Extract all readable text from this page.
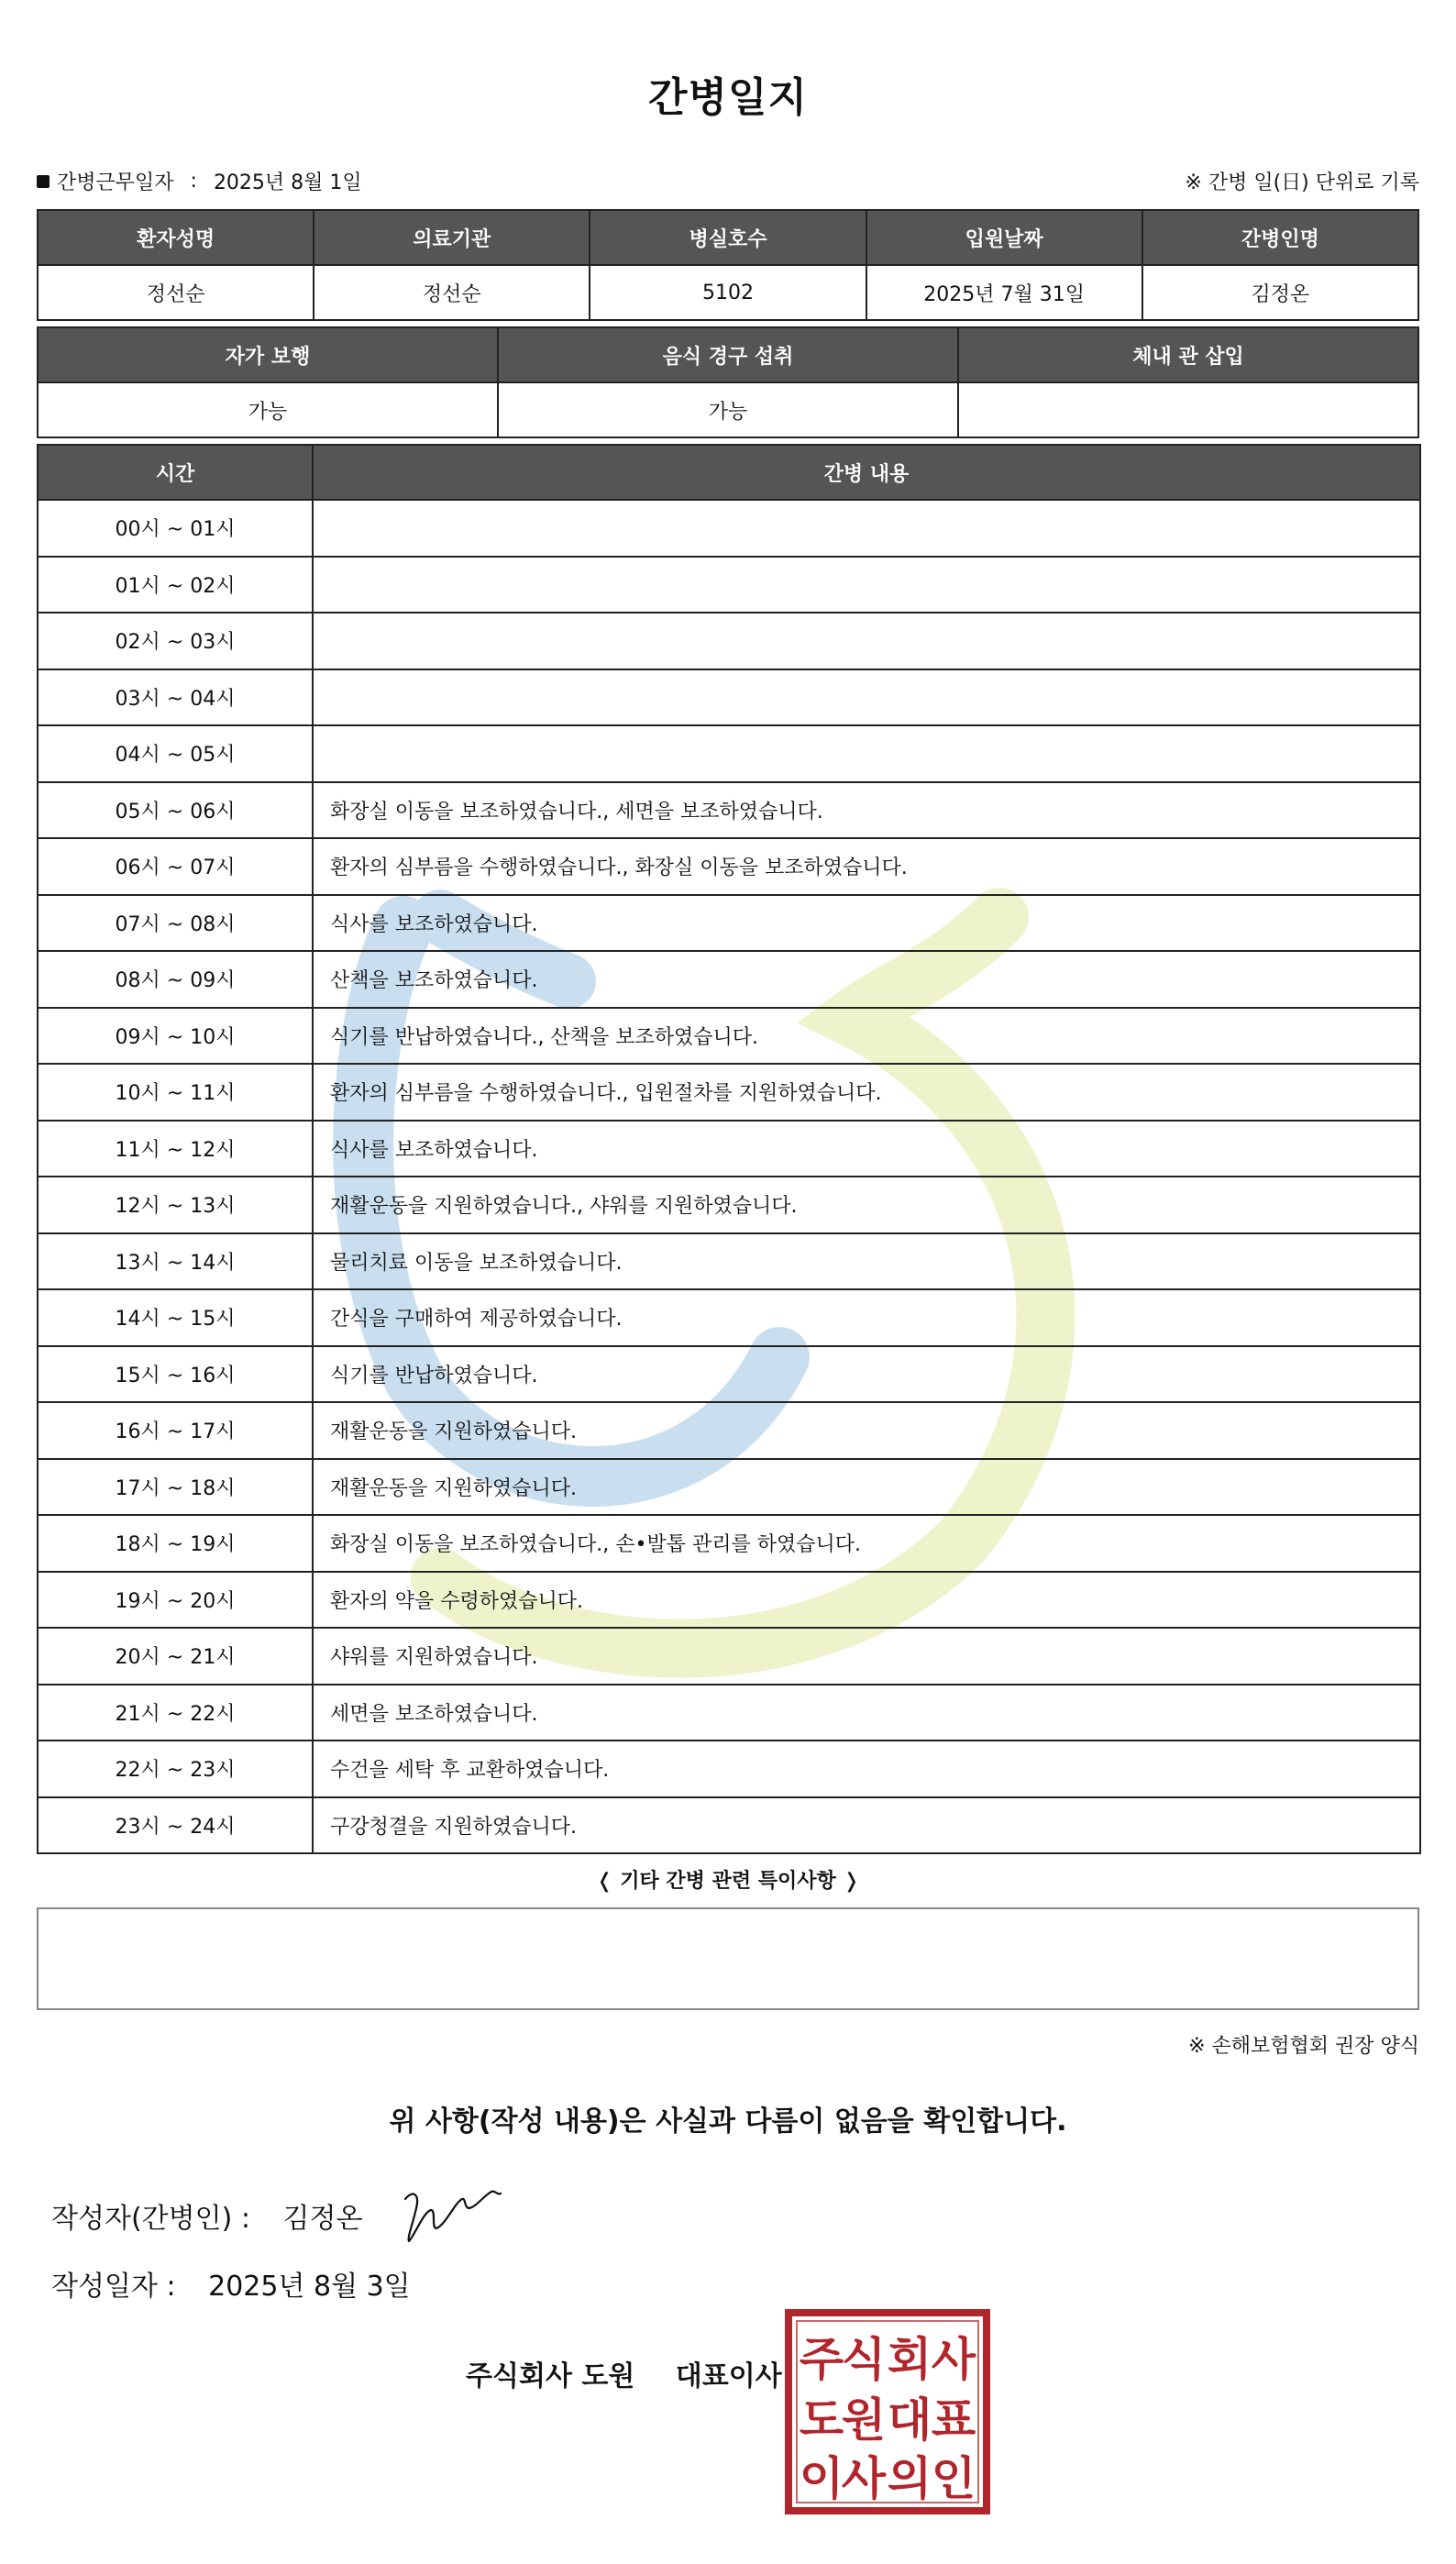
간병일지
간병근무일자 : 2025년 8월 1일	※ 간병 일(日) 단위로 기록
환자성명	의료기관	병실호수	입원날짜	간병인명
정선순	정선순	5102	2025년 7월 31일	김정온
자가 보행	음식 경구 섭취	체내 관 삽입
가능	가능	
시간	간병 내용
00시 ~ 01시	
01시 ~ 02시	
02시 ~ 03시	
03시 ~ 04시	
04시 ~ 05시	
05시 ~ 06시	화장실 이동을 보조하였습니다., 세면을 보조하였습니다.
06시 ~ 07시	환자의 심부름을 수행하였습니다., 화장실 이동을 보조하였습니다.
07시 ~ 08시	식사를 보조하였습니다.
08시 ~ 09시	산책을 보조하였습니다.
09시 ~ 10시	식기를 반납하였습니다., 산책을 보조하였습니다.
10시 ~ 11시	환자의 심부름을 수행하였습니다., 입원절차를 지원하였습니다.
11시 ~ 12시	식사를 보조하였습니다.
12시 ~ 13시	재활운동을 지원하였습니다., 샤워를 지원하였습니다.
13시 ~ 14시	물리치료 이동을 보조하였습니다.
14시 ~ 15시	간식을 구매하여 제공하였습니다.
15시 ~ 16시	식기를 반납하였습니다.
16시 ~ 17시	재활운동을 지원하였습니다.
17시 ~ 18시	재활운동을 지원하였습니다.
18시 ~ 19시	화장실 이동을 보조하였습니다., 손•발톱 관리를 하였습니다.
19시 ~ 20시	환자의 약을 수령하였습니다.
20시 ~ 21시	샤워를 지원하였습니다.
21시 ~ 22시	세면을 보조하였습니다.
22시 ~ 23시	수건을 세탁 후 교환하였습니다.
23시 ~ 24시	구강청결을 지원하였습니다.
❬ 기타 간병 관련 특이사항 ❭
※ 손해보험협회 권장 양식
위 사항(작성 내용)은 사실과 다름이 없음을 확인합니다.
작성자(간병인) : 김정온
작성일자 : 2025년 8월 3일
주식회사 도원 대표이사 주
식 회 사
도
원 대 표
이
사 의 인
